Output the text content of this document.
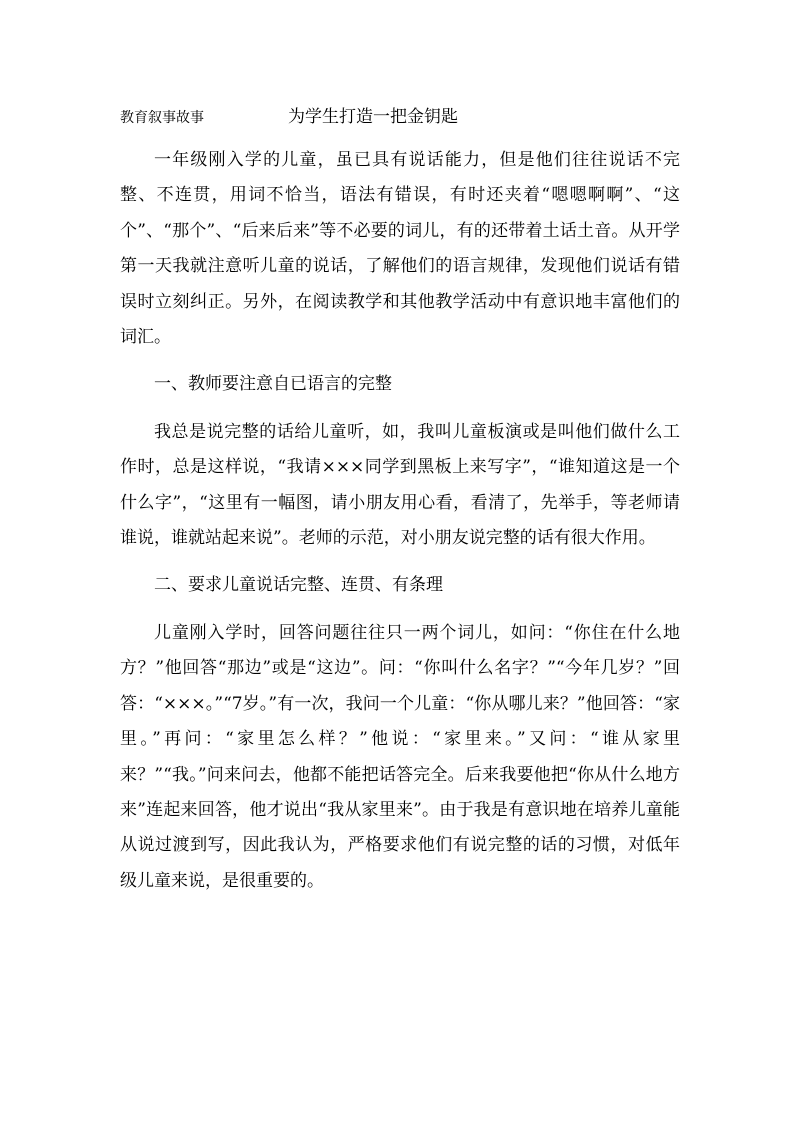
教育叙事故事	为学生打造一把金钥匙

一年级刚入学的儿童，虽已具有说话能力，但是他们往往说话不完整、不连贯，用词不恰当，语法有错误，有时还夹着“嗯嗯啊啊”、“这个”、“那个”、“后来后来”等不必要的词儿，有的还带着土话土音。从开学第一天我就注意听儿童的说话，了解他们的语言规律，发现他们说话有错误时立刻纠正。另外，在阅读教学和其他教学活动中有意识地丰富他们的词汇。

一、教师要注意自已语言的完整

我总是说完整的话给儿童听，如，我叫儿童板演或是叫他们做什么工作时，总是这样说，“我请×××同学到黑板上来写字”，“谁知道这是一个什么字”，“这里有一幅图，请小朋友用心看，看清了，先举手，等老师请谁说，谁就站起来说”。老师的示范，对小朋友说完整的话有很大作用。

二、要求儿童说话完整、连贯、有条理

儿童刚入学时，回答问题往往只一两个词儿，如问：“你住在什么地方？”他回答“那边”或是“这边”。问：“你叫什么名字？”“今年几岁？”回答：“×××。”“7岁。”有一次，我问一个儿童：“你从哪儿来？”他回答：“家里。”再问：“家里怎么样？”他说：“家里来。”又问：“谁从家里来？”“我。”问来问去，他都不能把话答完全。后来我要他把“你从什么地方来”连起来回答，他才说出“我从家里来”。由于我是有意识地在培养儿童能从说过渡到写，因此我认为，严格要求他们有说完整的话的习惯，对低年级儿童来说，是很重要的。
